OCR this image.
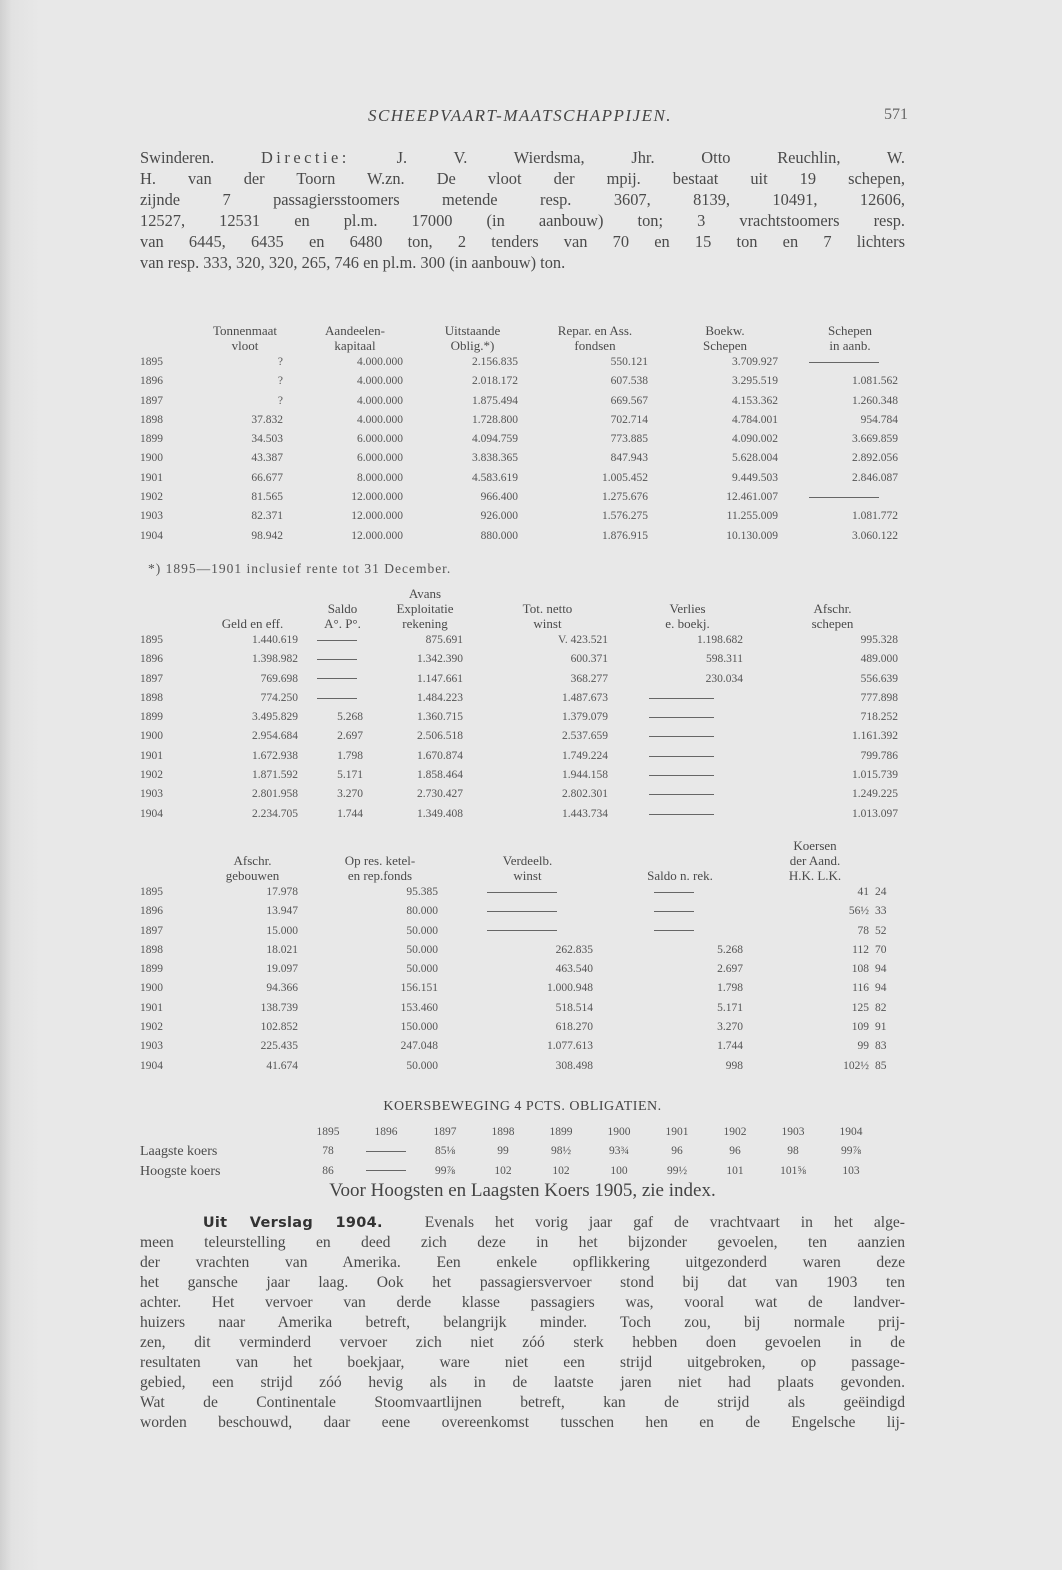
SCHEEPVAART-MAATSCHAPPIJEN.	571
Swinderen.	Directie:	J. V. Wierdsma, Jhr. Otto Reuchlin, W.
H. van der Toorn W.zn. De vloot der mpij. bestaat uit 19 schepen,
zijnde 7 passagiersstoomers metende resp. 3607, 8139, 10491, 12606,
12527, 12531 en pl.m. 17000 (in aanbouw) ton; 3 vrachtstoomers resp.
van 6445, 6435 en 6480 ton, 2 tenders van 70 en 15 ton en 7 lichters
van resp. 333, 320, 320, 265, 746 en pl.m. 300 (in aanbouw) ton.
	Tonnenmaat	Aandeelen-	Uitstaande	Repar. en Ass.	Boekw.	Schepen
	vloot	kapitaal	Oblig.*)	fondsen	Schepen	in aanb.
1895	?	4.000.000	2.156.835	550.121	3.709.927	
1896	?	4.000.000	2.018.172	607.538	3.295.519	1.081.562
1897	?	4.000.000	1.875.494	669.567	4.153.362	1.260.348
1898	37.832	4.000.000	1.728.800	702.714	4.784.001	954.784
1899	34.503	6.000.000	4.094.759	773.885	4.090.002	3.669.859
1900	43.387	6.000.000	3.838.365	847.943	5.628.004	2.892.056
1901	66.677	8.000.000	4.583.619	1.005.452	9.449.503	2.846.087
1902	81.565	12.000.000	966.400	1.275.676	12.461.007	
1903	82.371	12.000.000	926.000	1.576.275	11.255.009	1.081.772
1904	98.942	12.000.000	880.000	1.876.915	10.130.009	3.060.122
*) 1895—1901 inclusief rente tot 31 December.
			Avans			
		Saldo	Exploitatie	Tot. netto	Verlies	Afschr.
	Geld en eff.	A°. P°.	rekening	winst	e. boekj.	schepen
1895	1.440.619		875.691	V. 423.521	1.198.682	995.328
1896	1.398.982		1.342.390	600.371	598.311	489.000
1897	769.698		1.147.661	368.277	230.034	556.639
1898	774.250		1.484.223	1.487.673		777.898
1899	3.495.829	5.268	1.360.715	1.379.079		718.252
1900	2.954.684	2.697	2.506.518	2.537.659		1.161.392
1901	1.672.938	1.798	1.670.874	1.749.224		799.786
1902	1.871.592	5.171	1.858.464	1.944.158		1.015.739
1903	2.801.958	3.270	2.730.427	2.802.301		1.249.225
1904	2.234.705	1.744	1.349.408	1.443.734		1.013.097
					Koersen	
	Afschr.	Op res. ketel-	Verdeelb.		der Aand.	
	gebouwen	en rep.fonds	winst	Saldo n. rek.	H.K. L.K.	
1895	17.978	95.385			41	24
1896	13.947	80.000			56½	33
1897	15.000	50.000			78	52
1898	18.021	50.000	262.835	5.268	112	70
1899	19.097	50.000	463.540	2.697	108	94
1900	94.366	156.151	1.000.948	1.798	116	94
1901	138.739	153.460	518.514	5.171	125	82
1902	102.852	150.000	618.270	3.270	109	91
1903	225.435	247.048	1.077.613	1.744	99	83
1904	41.674	50.000	308.498	998	102½	85
KOERSBEWEGING 4 PCTS. OBLIGATIEN.
	1895	1896	1897	1898	1899	1900	1901	1902	1903	1904
Laagste koers	78		85⅛	99	98½	93¾	96	96	98	99⅞
Hoogste koers	86		99⅞	102	102	100	99½	101	101⅝	103
Voor Hoogsten en Laagsten Koers 1905, zie index.
Uit Verslag 1904.	Evenals het vorig jaar gaf de vrachtvaart in het alge-
meen teleurstelling en deed zich deze in het bijzonder gevoelen, ten aanzien
der vrachten van Amerika. Een enkele opflikkering uitgezonderd waren deze
het gansche jaar laag. Ook het passagiersvervoer stond bij dat van 1903 ten
achter. Het vervoer van derde klasse passagiers was, vooral wat de landver-
huizers naar Amerika betreft, belangrijk minder. Toch zou, bij normale prij-
zen, dit verminderd vervoer zich niet zóó sterk hebben doen gevoelen in de
resultaten van het boekjaar, ware niet een strijd uitgebroken, op passage-
gebied, een strijd zóó hevig als in de laatste jaren niet had plaats gevonden.
Wat de Continentale Stoomvaartlijnen betreft, kan de strijd als geëindigd
worden beschouwd, daar eene overeenkomst tusschen hen en de Engelsche lij-
